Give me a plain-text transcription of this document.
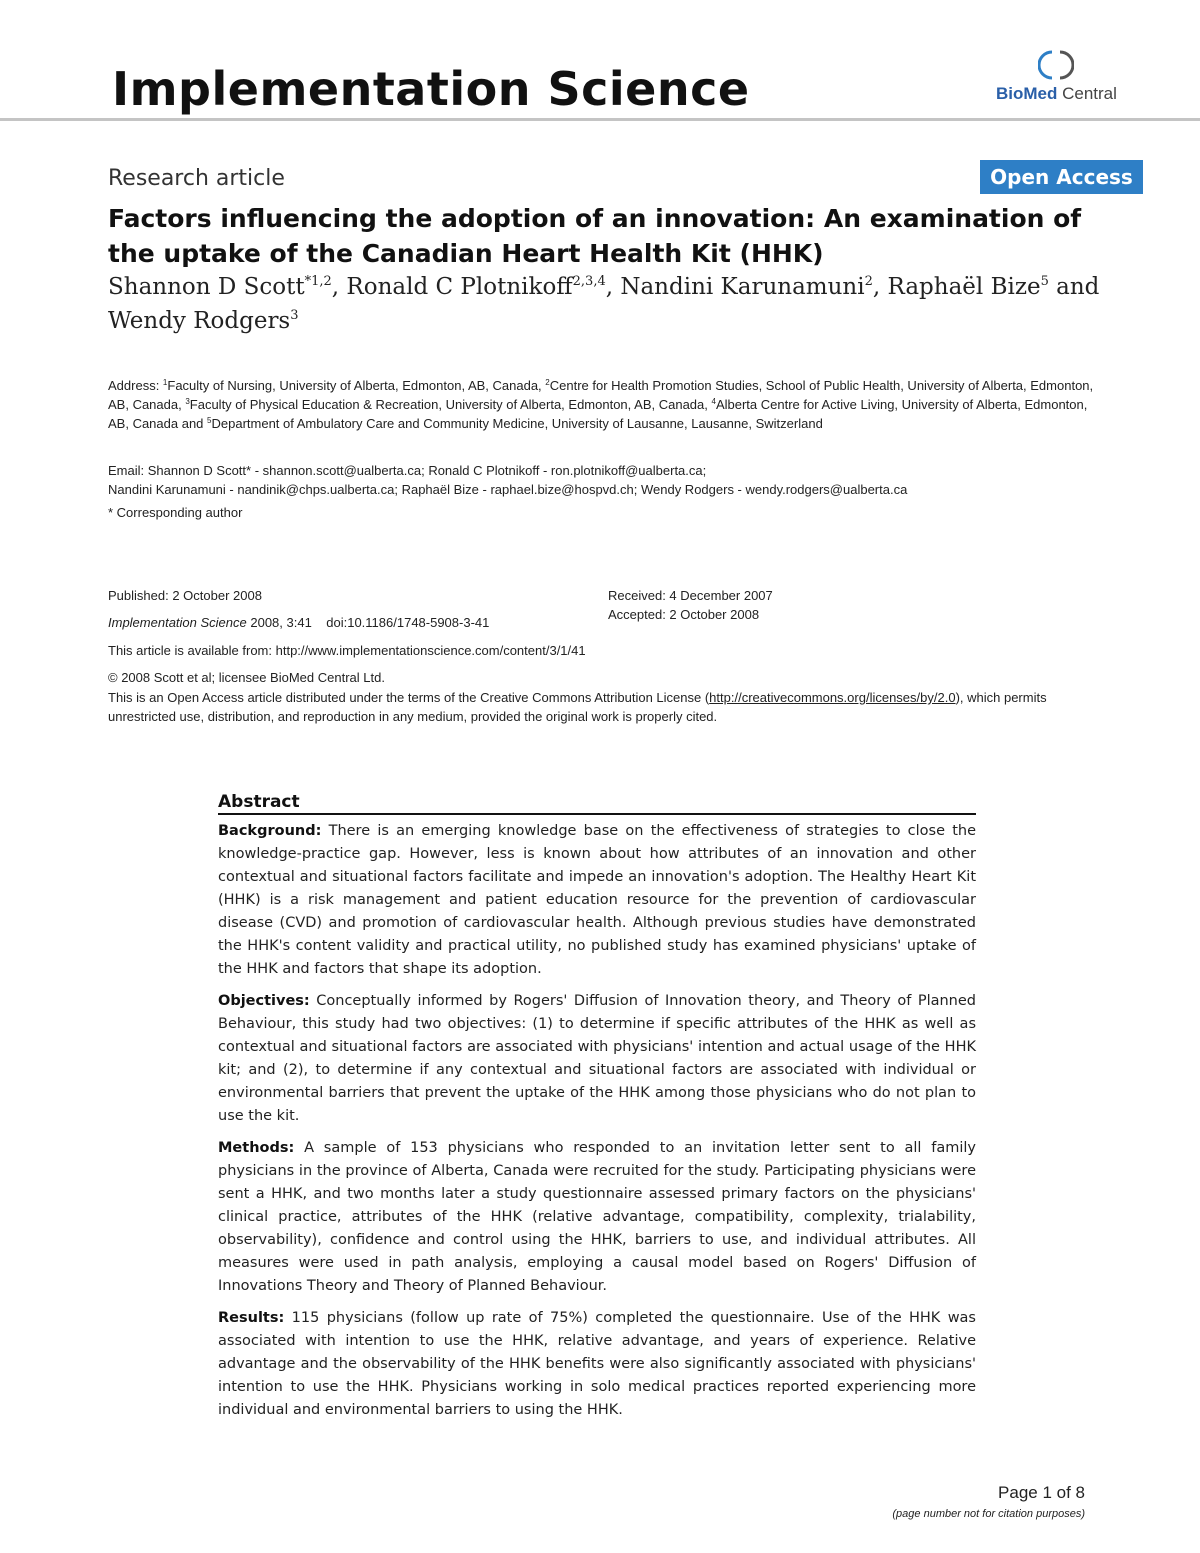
Implementation Science	BioMed Central
Research article	Open Access
Factors influencing the adoption of an innovation: An examination of the uptake of the Canadian Heart Health Kit (HHK)
Shannon D Scott$^{*1,2}$, Ronald C Plotnikoff$^{2,3,4}$, Nandini Karunamuni$^2$, Raphaël Bize$^5$ and Wendy Rodgers$^3$
Address: $^1$Faculty of Nursing, University of Alberta, Edmonton, AB, Canada, $^2$Centre for Health Promotion Studies, School of Public Health, University of Alberta, Edmonton, AB, Canada, $^3$Faculty of Physical Education & Recreation, University of Alberta, Edmonton, AB, Canada, $^4$Alberta Centre for Active Living, University of Alberta, Edmonton, AB, Canada and $^5$Department of Ambulatory Care and Community Medicine, University of Lausanne, Lausanne, Switzerland
Email: Shannon D Scott* - shannon.scott@ualberta.ca; Ronald C Plotnikoff - ron.plotnikoff@ualberta.ca;
Nandini Karunamuni - nandinik@chps.ualberta.ca; Raphaël Bize - raphael.bize@hospvd.ch; Wendy Rodgers - wendy.rodgers@ualberta.ca
* Corresponding author
Published: 2 October 2008
Implementation Science 2008, 3:41    doi:10.1186/1748-5908-3-41
Received: 4 December 2007
Accepted: 2 October 2008
This article is available from: http://www.implementationscience.com/content/3/1/41
© 2008 Scott et al; licensee BioMed Central Ltd.
This is an Open Access article distributed under the terms of the Creative Commons Attribution License (http://creativecommons.org/licenses/by/2.0), which permits unrestricted use, distribution, and reproduction in any medium, provided the original work is properly cited.
Abstract

Background: There is an emerging knowledge base on the effectiveness of strategies to close the knowledge-practice gap. However, less is known about how attributes of an innovation and other contextual and situational factors facilitate and impede an innovation's adoption. The Healthy Heart Kit (HHK) is a risk management and patient education resource for the prevention of cardiovascular disease (CVD) and promotion of cardiovascular health. Although previous studies have demonstrated the HHK's content validity and practical utility, no published study has examined physicians' uptake of the HHK and factors that shape its adoption.

Objectives: Conceptually informed by Rogers' Diffusion of Innovation theory, and Theory of Planned Behaviour, this study had two objectives: (1) to determine if specific attributes of the HHK as well as contextual and situational factors are associated with physicians' intention and actual usage of the HHK kit; and (2), to determine if any contextual and situational factors are associated with individual or environmental barriers that prevent the uptake of the HHK among those physicians who do not plan to use the kit.

Methods: A sample of 153 physicians who responded to an invitation letter sent to all family physicians in the province of Alberta, Canada were recruited for the study. Participating physicians were sent a HHK, and two months later a study questionnaire assessed primary factors on the physicians' clinical practice, attributes of the HHK (relative advantage, compatibility, complexity, trialability, observability), confidence and control using the HHK, barriers to use, and individual attributes. All measures were used in path analysis, employing a causal model based on Rogers' Diffusion of Innovations Theory and Theory of Planned Behaviour.

Results: 115 physicians (follow up rate of 75%) completed the questionnaire. Use of the HHK was associated with intention to use the HHK, relative advantage, and years of experience. Relative advantage and the observability of the HHK benefits were also significantly associated with physicians' intention to use the HHK. Physicians working in solo medical practices reported experiencing more individual and environmental barriers to using the HHK.

Page 1 of 8
(page number not for citation purposes)
